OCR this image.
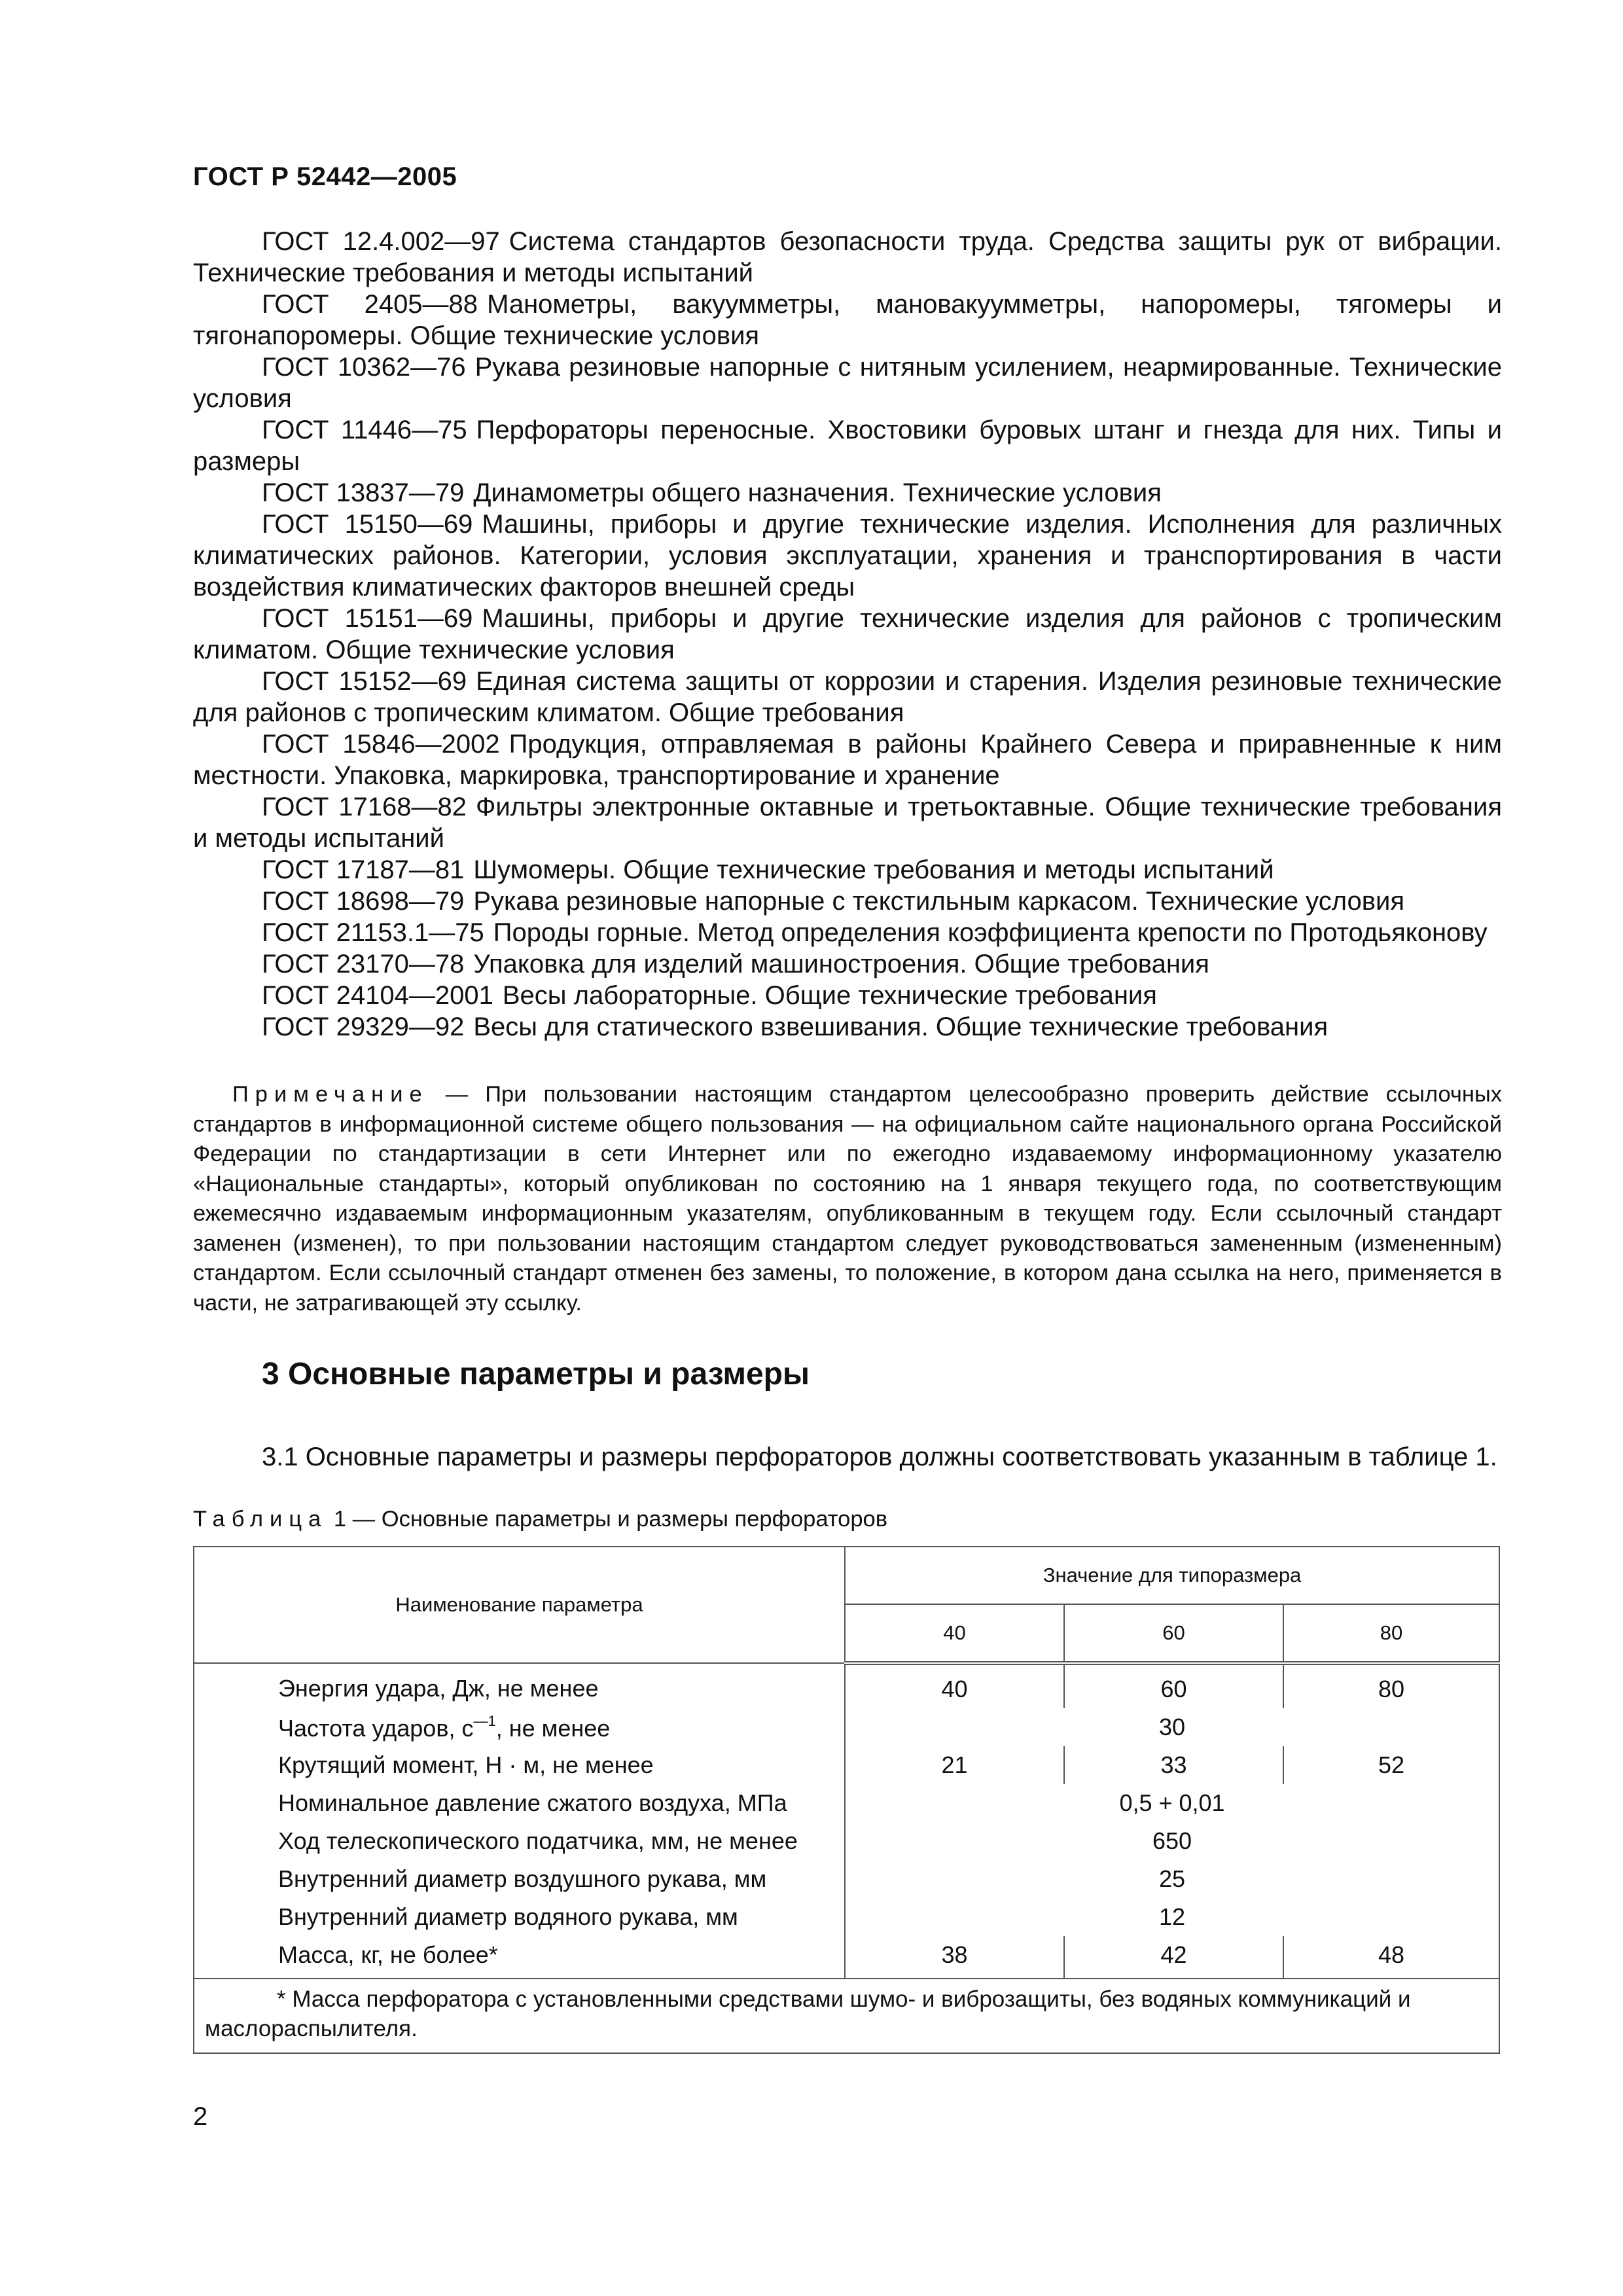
ГОСТ Р 52442—2005

ГОСТ 12.4.002—97 Система стандартов безопасности труда. Средства защиты рук от вибрации. Технические требования и методы испытаний

ГОСТ 2405—88 Манометры, вакуумметры, мановакуумметры, напоромеры, тягомеры и тягонапоромеры. Общие технические условия

ГОСТ 10362—76 Рукава резиновые напорные с нитяным усилением, неармированные. Технические условия

ГОСТ 11446—75 Перфораторы переносные. Хвостовики буровых штанг и гнезда для них. Типы и размеры

ГОСТ 13837—79 Динамометры общего назначения. Технические условия

ГОСТ 15150—69 Машины, приборы и другие технические изделия. Исполнения для различных климатических районов. Категории, условия эксплуатации, хранения и транспортирования в части воздействия климатических факторов внешней среды

ГОСТ 15151—69 Машины, приборы и другие технические изделия для районов с тропическим климатом. Общие технические условия

ГОСТ 15152—69 Единая система защиты от коррозии и старения. Изделия резиновые технические для районов с тропическим климатом. Общие требования

ГОСТ 15846—2002 Продукция, отправляемая в районы Крайнего Севера и приравненные к ним местности. Упаковка, маркировка, транспортирование и хранение

ГОСТ 17168—82 Фильтры электронные октавные и третьоктавные. Общие технические требования и методы испытаний

ГОСТ 17187—81 Шумомеры. Общие технические требования и методы испытаний

ГОСТ 18698—79 Рукава резиновые напорные с текстильным каркасом. Технические условия

ГОСТ 21153.1—75 Породы горные. Метод определения коэффициента крепости по Протодьяконову

ГОСТ 23170—78 Упаковка для изделий машиностроения. Общие требования

ГОСТ 24104—2001 Весы лабораторные. Общие технические требования

ГОСТ 29329—92 Весы для статического взвешивания. Общие технические требования

Примечание — При пользовании настоящим стандартом целесообразно проверить действие ссылочных стандартов в информационной системе общего пользования — на официальном сайте национального органа Российской Федерации по стандартизации в сети Интернет или по ежегодно издаваемому информационному указателю «Национальные стандарты», который опубликован по состоянию на 1 января текущего года, по соответствующим ежемесячно издаваемым информационным указателям, опубликованным в текущем году. Если ссылочный стандарт заменен (изменен), то при пользовании настоящим стандартом следует руководствоваться замененным (измененным) стандартом. Если ссылочный стандарт отменен без замены, то положение, в котором дана ссылка на него, применяется в части, не затрагивающей эту ссылку.

3 Основные параметры и размеры

3.1 Основные параметры и размеры перфораторов должны соответствовать указанным в таблице 1.

Таблица 1 — Основные параметры и размеры перфораторов
Наименование параметра	Значение для типоразмера		
	40	60	80
Энергия удара, Дж, не менее	40	60	80
Частота ударов, $с^{—1}$, не менее	30		
Крутящий момент, Н · м, не менее	21	33	52
Номинальное давление сжатого воздуха, МПа	0,5 + 0,01		
Ход телескопического податчика, мм, не менее	650		
Внутренний диаметр воздушного рукава, мм	25		
Внутренний диаметр водяного рукава, мм	12		
Масса, кг, не более*	38	42	48
* Масса перфоратора с установленными средствами шумо- и виброзащиты, без водяных коммуникаций и маслораспылителя.			
2
